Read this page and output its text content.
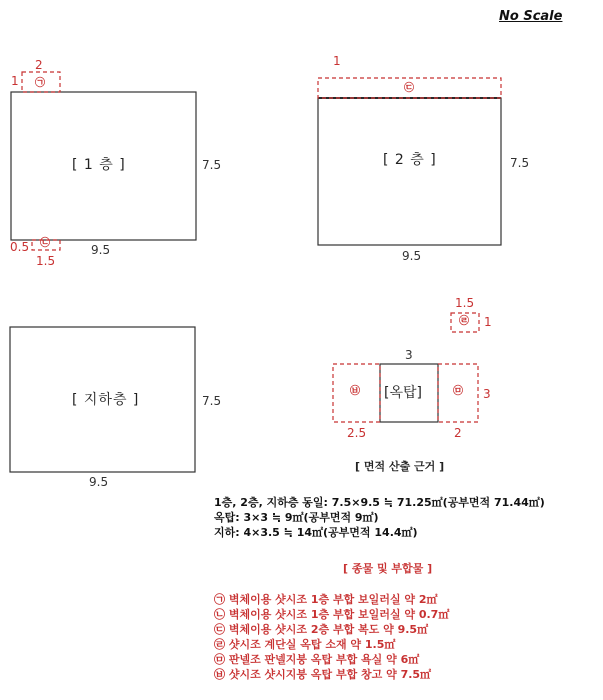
No Scale
[ 1 층 ]
9.5
7.5
2
1 ㉠
㉡
0.5
1.5
[ 2 층 ]
9.5
7.5
1
㉢
[ 지하층 ]
9.5
7.5	[옥탑]
3
3
㉥	㉤
2.5	2
1.5
1
㉣
[ 면적 산출 근거 ]
1층, 2층, 지하층 동일: 7.5×9.5 ≒ 71.25㎡(공부면적 71.44㎡)
옥탑: 3×3 ≒ 9㎡(공부면적 9㎡)
지하: 4×3.5 ≒ 14㎡(공부면적 14.4㎡)
[ 종물 및 부합물 ]
㉠ 벽체이용 샷시조 1층 부합 보일러실 약 2㎡
㉡ 벽체이용 샷시조 1층 부합 보일러실 약 0.7㎡
㉢ 벽체이용 샷시조 2층 부합 복도 약 9.5㎡
㉣ 샷시조 계단실 옥탑 소재 약 1.5㎡
㉤ 판넬조 판넬지붕 옥탑 부합 욕실 약 6㎡
㉥ 샷시조 샷시지붕 옥탑 부합 창고 약 7.5㎡
